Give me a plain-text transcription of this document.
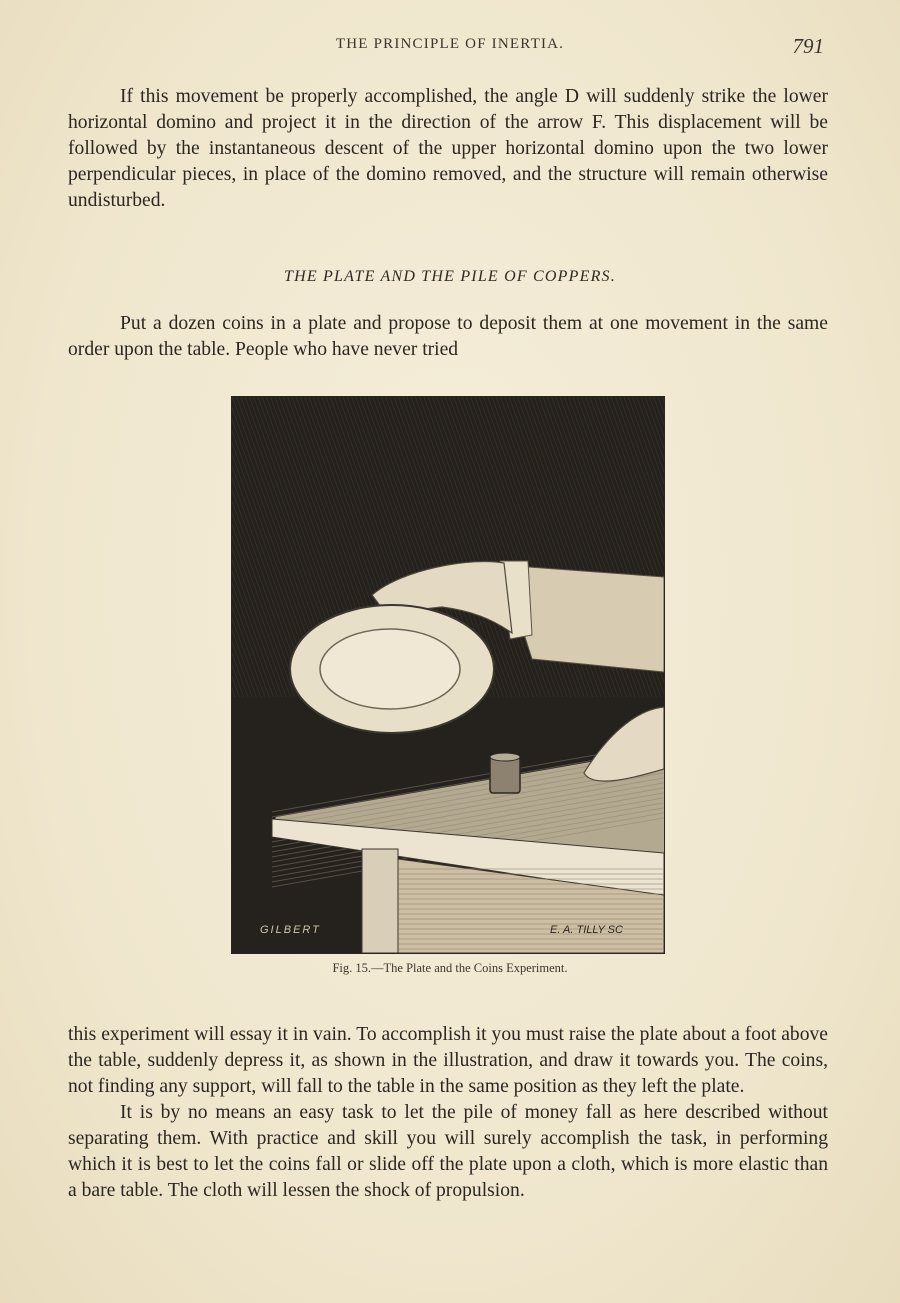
THE PRINCIPLE OF INERTIA.	791

If this movement be properly accomplished, the angle D will suddenly strike the lower horizontal domino and project it in the direction of the arrow F. This displacement will be followed by the instantaneous descent of the upper horizontal domino upon the two lower perpendicular pieces, in place of the domino removed, and the structure will remain otherwise undisturbed.

THE PLATE AND THE PILE OF COPPERS.

Put a dozen coins in a plate and propose to deposit them at one movement in the same order upon the table. People who have never tried

GILBERT	E. A. TILLY SC
Fig. 15.—The Plate and the Coins Experiment.

this experiment will essay it in vain. To accomplish it you must raise the plate about a foot above the table, suddenly depress it, as shown in the illustration, and draw it towards you. The coins, not finding any support, will fall to the table in the same position as they left the plate.

It is by no means an easy task to let the pile of money fall as here described without separating them. With practice and skill you will surely accomplish the task, in performing which it is best to let the coins fall or slide off the plate upon a cloth, which is more elastic than a bare table. The cloth will lessen the shock of propulsion.
